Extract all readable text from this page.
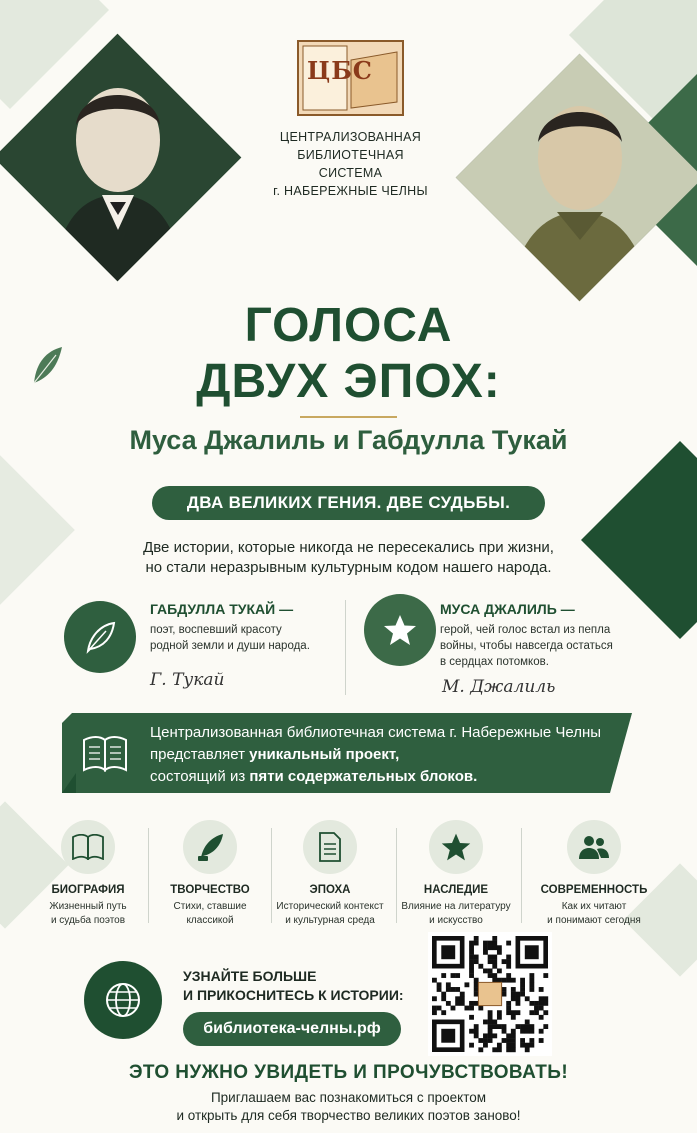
ЦБС
ЦЕНТРАЛИЗОВАННАЯ
БИБЛИОТЕЧНАЯ
СИСТЕМА
г. НАБЕРЕЖНЫЕ ЧЕЛНЫ
ГОЛОСА
ДВУХ ЭПОХ:
Муса Джалиль и Габдулла Тукай
ДВА ВЕЛИКИХ ГЕНИЯ. ДВЕ СУДЬБЫ.
Две истории, которые никогда не пересекались при жизни,
но стали неразрывным культурным кодом нашего народа.
ГАБДУЛЛА ТУКАЙ —
поэт, воспевший красоту
родной земли и души народа.
Г. Тукай
МУСА ДЖАЛИЛЬ —
герой, чей голос встал из пепла
войны, чтобы навсегда остаться
в сердцах потомков.
М. Джалиль
Централизованная библиотечная система г. Набережные Челны
представляет уникальный проект,
состоящий из пяти содержательных блоков.
БИОГРАФИЯ
Жизненный путь
и судьба поэтов
ТВОРЧЕСТВО
Стихи, ставшие
классикой
ЭПОХА
Исторический контекст
и культурная среда
НАСЛЕДИЕ
Влияние на литературу
и искусство
СОВРЕМЕННОСТЬ
Как их читают
и понимают сегодня
УЗНАЙТЕ БОЛЬШЕ
И ПРИКОСНИТЕСЬ К ИСТОРИИ:
библиотека-челны.рф
ЭТО НУЖНО УВИДЕТЬ И ПРОЧУВСТВОВАТЬ!
Приглашаем вас познакомиться с проектом
и открыть для себя творчество великих поэтов заново!
